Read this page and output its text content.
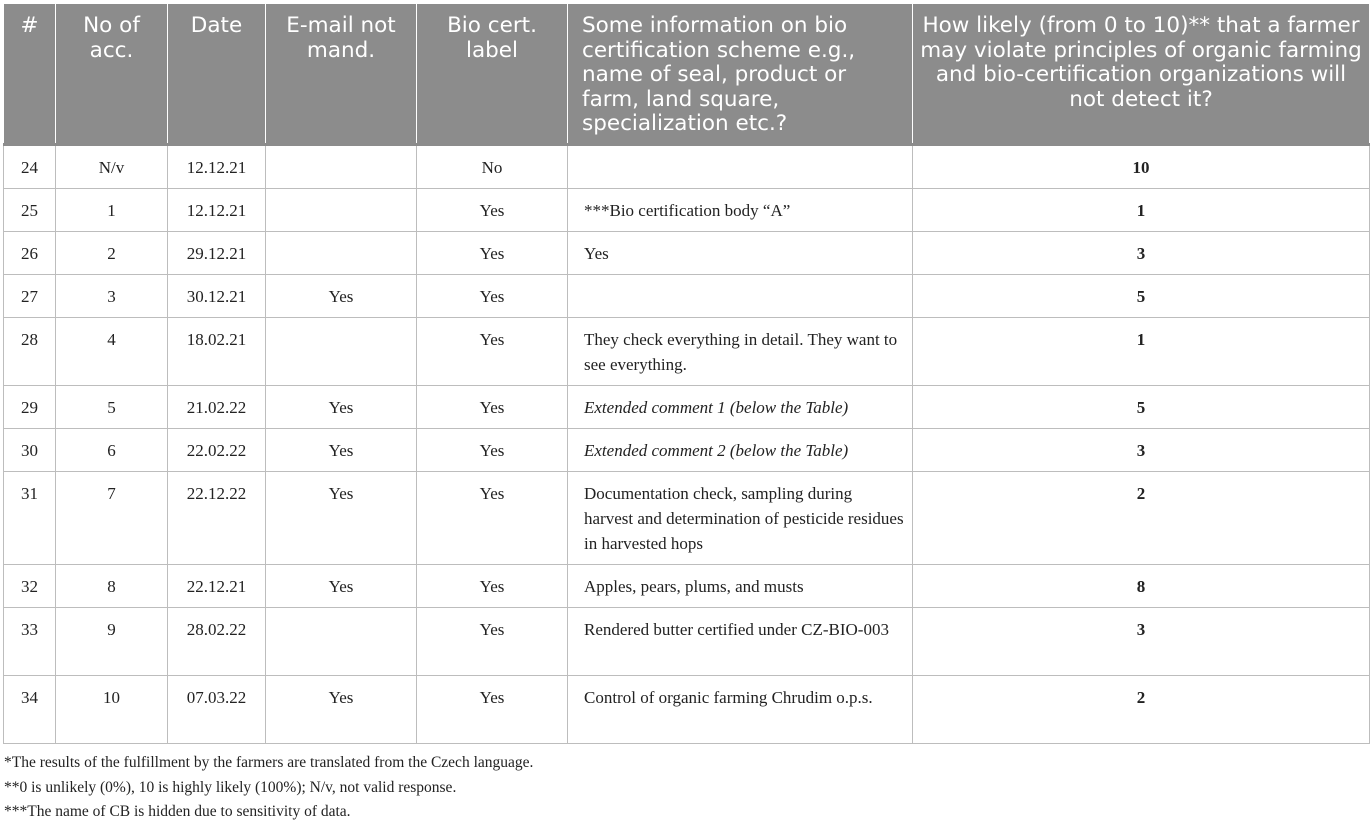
#	No of acc.	Date	E-mail not mand.	Bio cert. label	Some information on bio certification scheme e.g., name of seal, product or farm, land square, specialization etc.?	How likely (from 0 to 10)** that a farmer may violate principles of organic farming and bio-certification organizations will not detect it?
24	N/v	12.12.21		No		10
25	1	12.12.21		Yes	***Bio certification body “A”	1
26	2	29.12.21		Yes	Yes	3
27	3	30.12.21	Yes	Yes		5
28	4	18.02.21		Yes	They check everything in detail. They want to see everything.	1
29	5	21.02.22	Yes	Yes	Extended comment 1 (below the Table)	5
30	6	22.02.22	Yes	Yes	Extended comment 2 (below the Table)	3
31	7	22.12.22	Yes	Yes	Documentation check, sampling during harvest and determination of pesticide residues in harvested hops	2
32	8	22.12.21	Yes	Yes	Apples, pears, plums, and musts	8
33	9	28.02.22		Yes	Rendered butter certified under CZ-BIO-003	3
34	10	07.03.22	Yes	Yes	Control of organic farming Chrudim o.p.s.	2
*The results of the fulfillment by the farmers are translated from the Czech language.
**0 is unlikely (0%), 10 is highly likely (100%); N/v, not valid response.
***The name of CB is hidden due to sensitivity of data.
